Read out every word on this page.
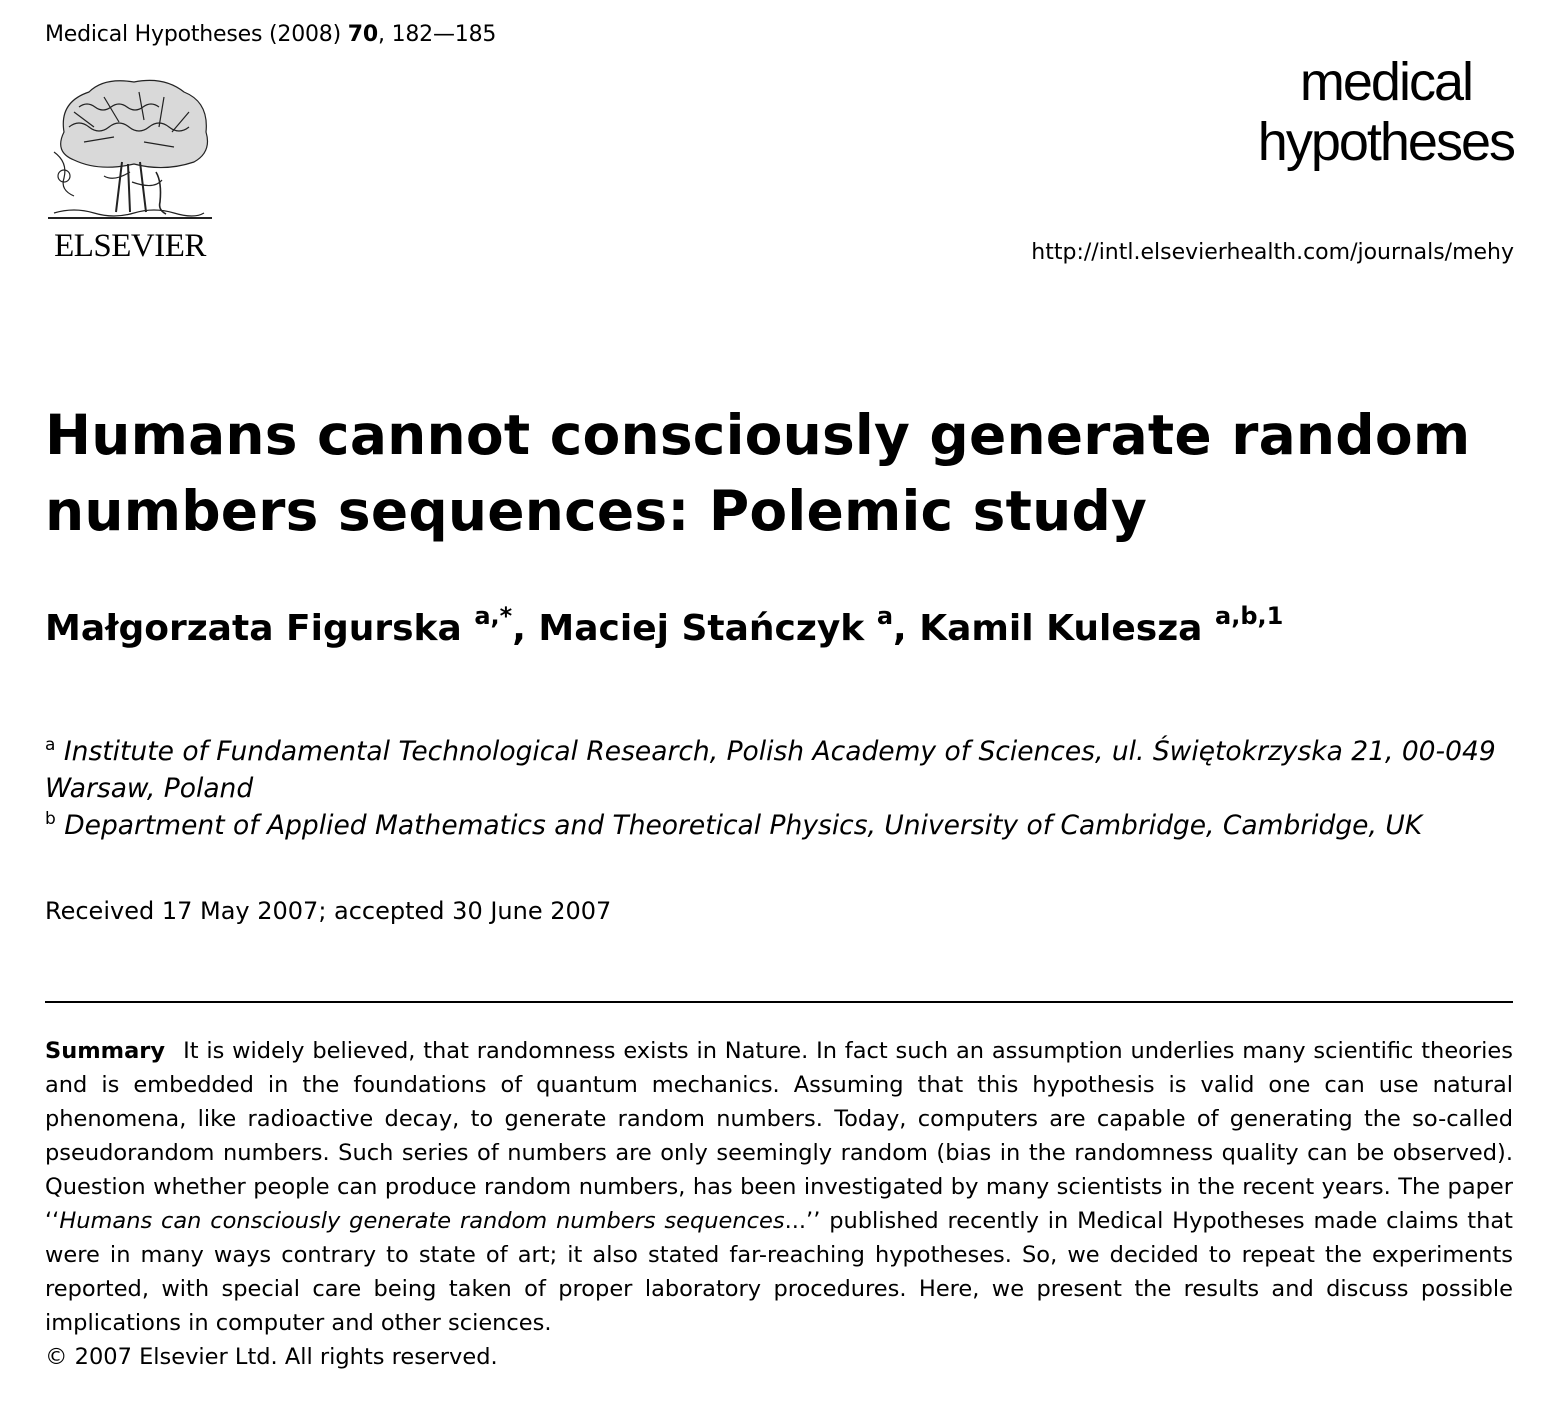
Medical Hypotheses (2008) 70, 182—185
ELSEVIER
medical
hypotheses
http://intl.elsevierhealth.com/journals/mehy
Humans cannot consciously generate random numbers sequences: Polemic study
Małgorzata Figurska $^{a,*}$, Maciej Stańczyk $^a$, Kamil Kulesza $^{a,b,1}$

$^a$ Institute of Fundamental Technological Research, Polish Academy of Sciences, ul. Świętokrzyska 21, 00-049 Warsaw, Poland

$^b$ Department of Applied Mathematics and Theoretical Physics, University of Cambridge, Cambridge, UK

Received 17 May 2007; accepted 30 June 2007

Summary It is widely believed, that randomness exists in Nature. In fact such an assumption underlies many scientific theories and is embedded in the foundations of quantum mechanics. Assuming that this hypothesis is valid one can use natural phenomena, like radioactive decay, to generate random numbers. Today, computers are capable of generating the so-called pseudorandom numbers. Such series of numbers are only seemingly random (bias in the randomness quality can be observed). Question whether people can produce random numbers, has been investigated by many scientists in the recent years. The paper ‘‘Humans can consciously generate random numbers sequences...’’ published recently in Medical Hypotheses made claims that were in many ways contrary to state of art; it also stated far-reaching hypotheses. So, we decided to repeat the experiments reported, with special care being taken of proper laboratory procedures. Here, we present the results and discuss possible implications in computer and other sciences.

© 2007 Elsevier Ltd. All rights reserved.
